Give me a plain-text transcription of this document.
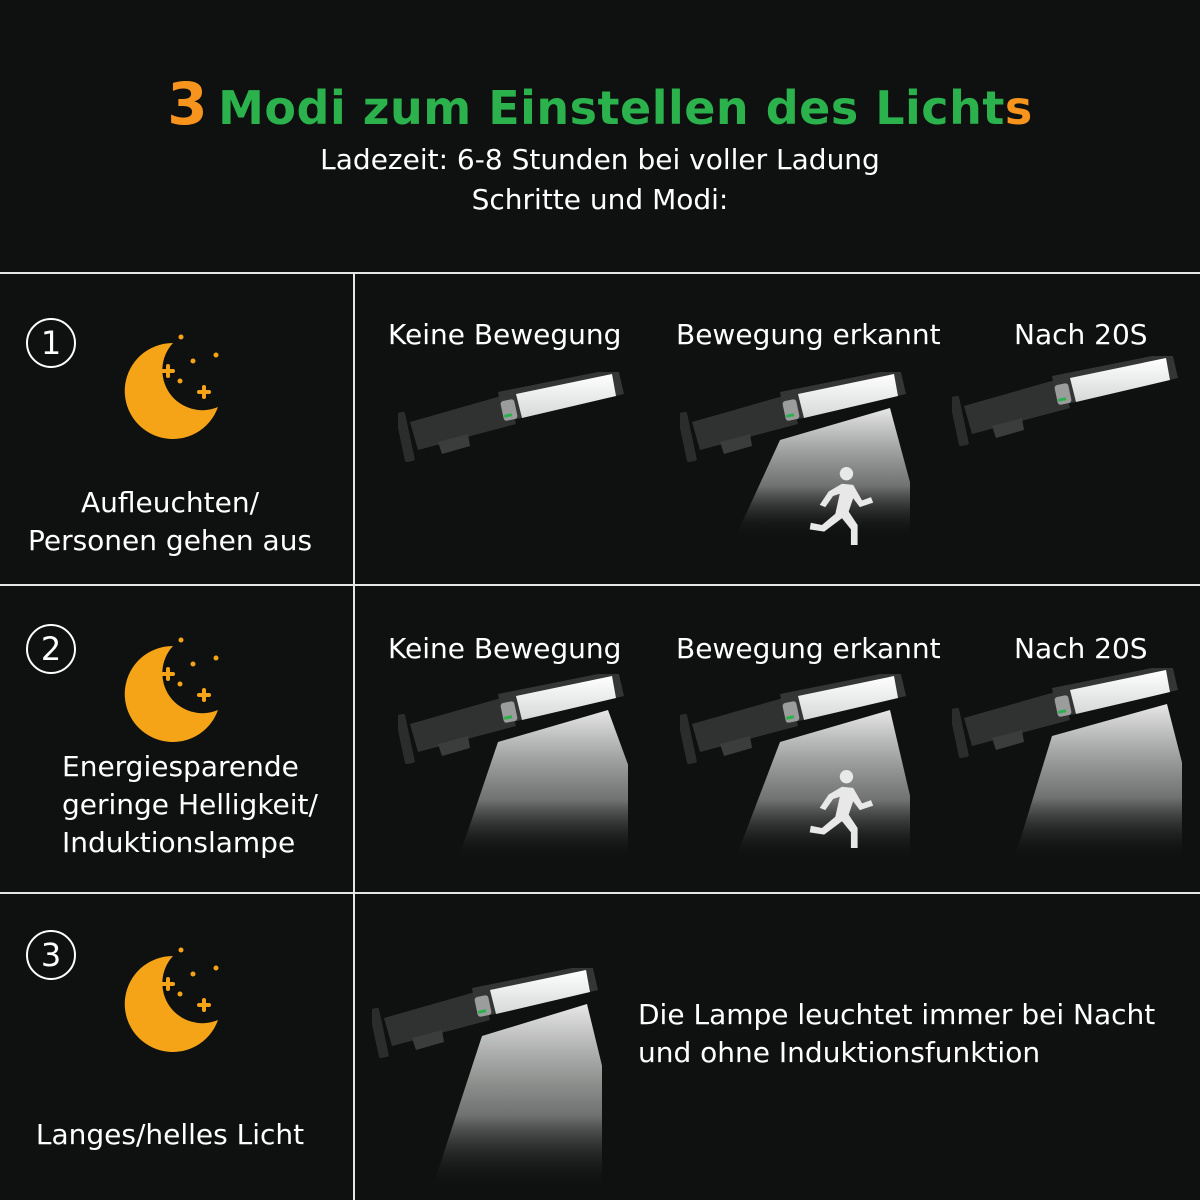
3 Modi zum Einstellen des Lichts
Ladezeit: 6-8 Stunden bei voller Ladung
Schritte und Modi:
1
Aufleuchten/
Personen gehen aus
Keine Bewegung Bewegung erkannt	Nach 20S
2
Energiesparende
geringe Helligkeit/
Induktionslampe
Keine Bewegung Bewegung erkannt	Nach 20S
3
Langes/helles Licht
Die Lampe leuchtet immer bei Nacht
und ohne Induktionsfunktion
